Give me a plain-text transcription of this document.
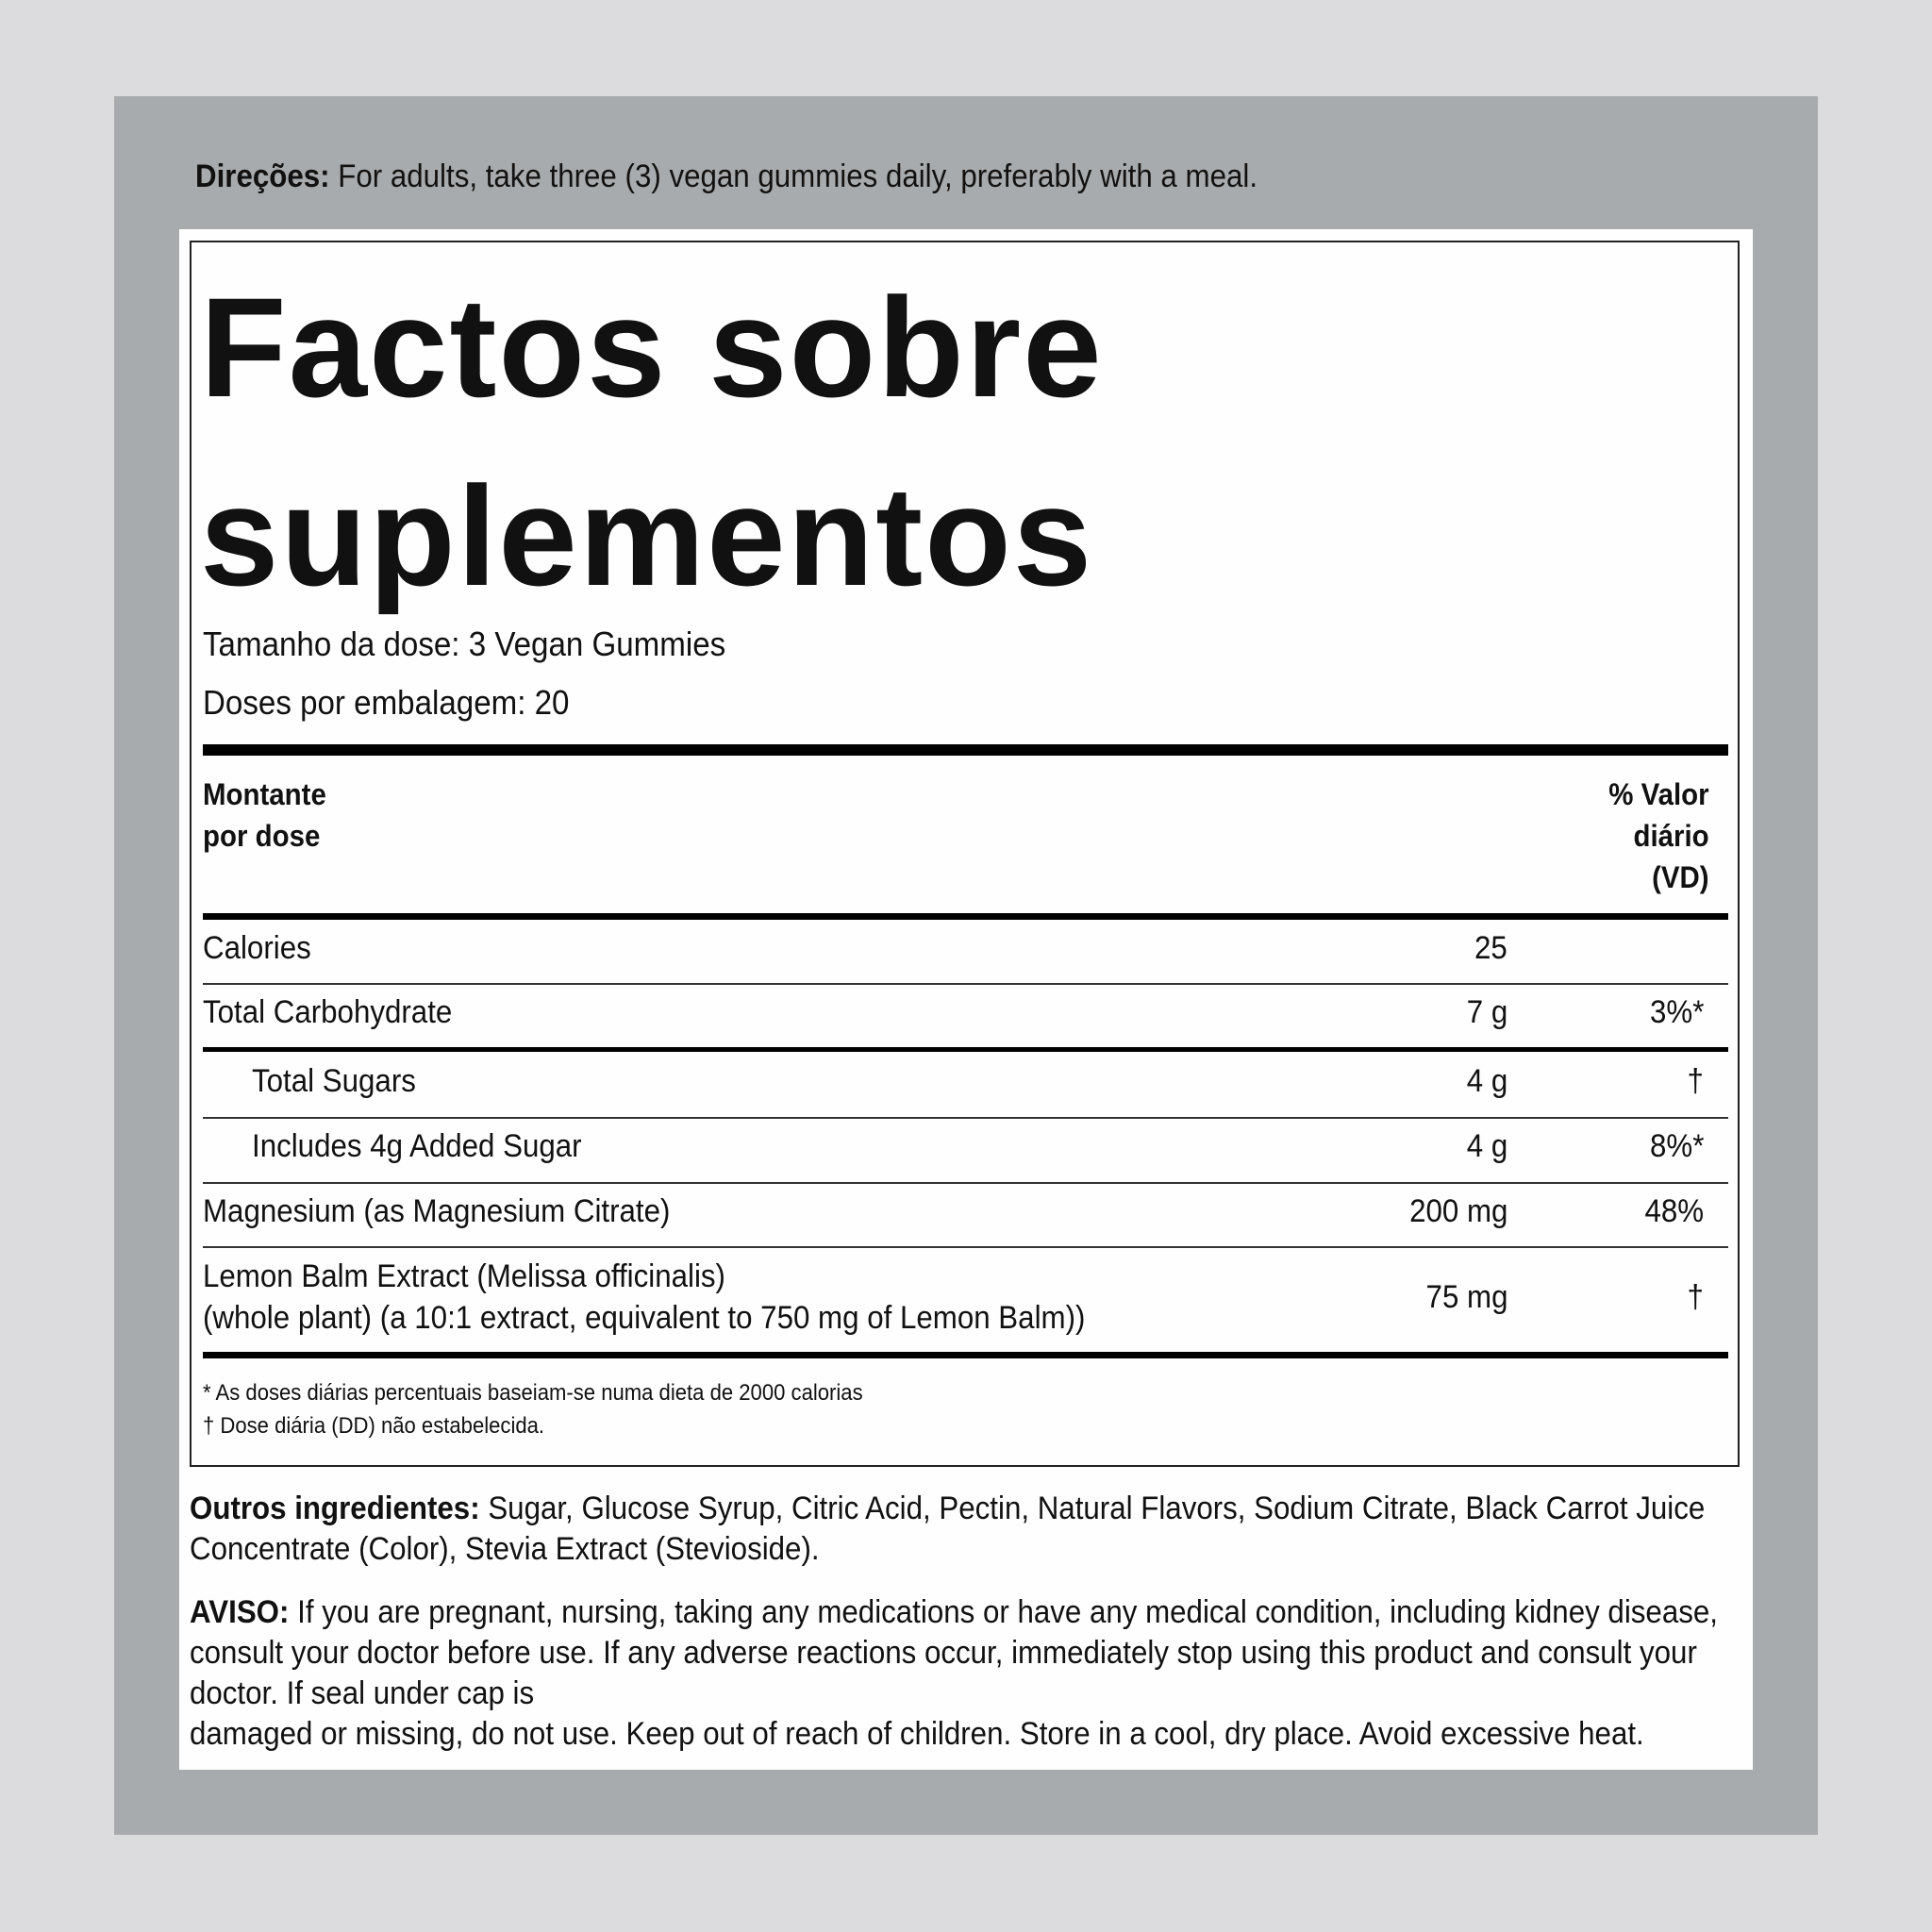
Direções: For adults, take three (3) vegan gummies daily, preferably with a meal.
Factos sobre
suplementos
Tamanho da dose: 3 Vegan Gummies
Doses por embalagem: 20
Montante
por dose
% Valor
diário
(VD)
Calories	25
Total Carbohydrate	7 g	3%*
Total Sugars	4 g	†
Includes 4g Added Sugar	4 g	8%*
Magnesium (as Magnesium Citrate)	200 mg	48%
Lemon Balm Extract (Melissa officinalis)
(whole plant) (a 10:1 extract, equivalent to 750 mg of Lemon Balm))
75 mg	†
* As doses diárias percentuais baseiam-se numa dieta de 2000 calorias
† Dose diária (DD) não estabelecida.
Outros ingredientes: Sugar, Glucose Syrup, Citric Acid, Pectin, Natural Flavors, Sodium Citrate, Black Carrot Juice
Concentrate (Color), Stevia Extract (Stevioside).
AVISO: If you are pregnant, nursing, taking any medications or have any medical condition, including kidney disease,
consult your doctor before use. If any adverse reactions occur, immediately stop using this product and consult your
doctor. If seal under cap is
damaged or missing, do not use. Keep out of reach of children. Store in a cool, dry place. Avoid excessive heat.
